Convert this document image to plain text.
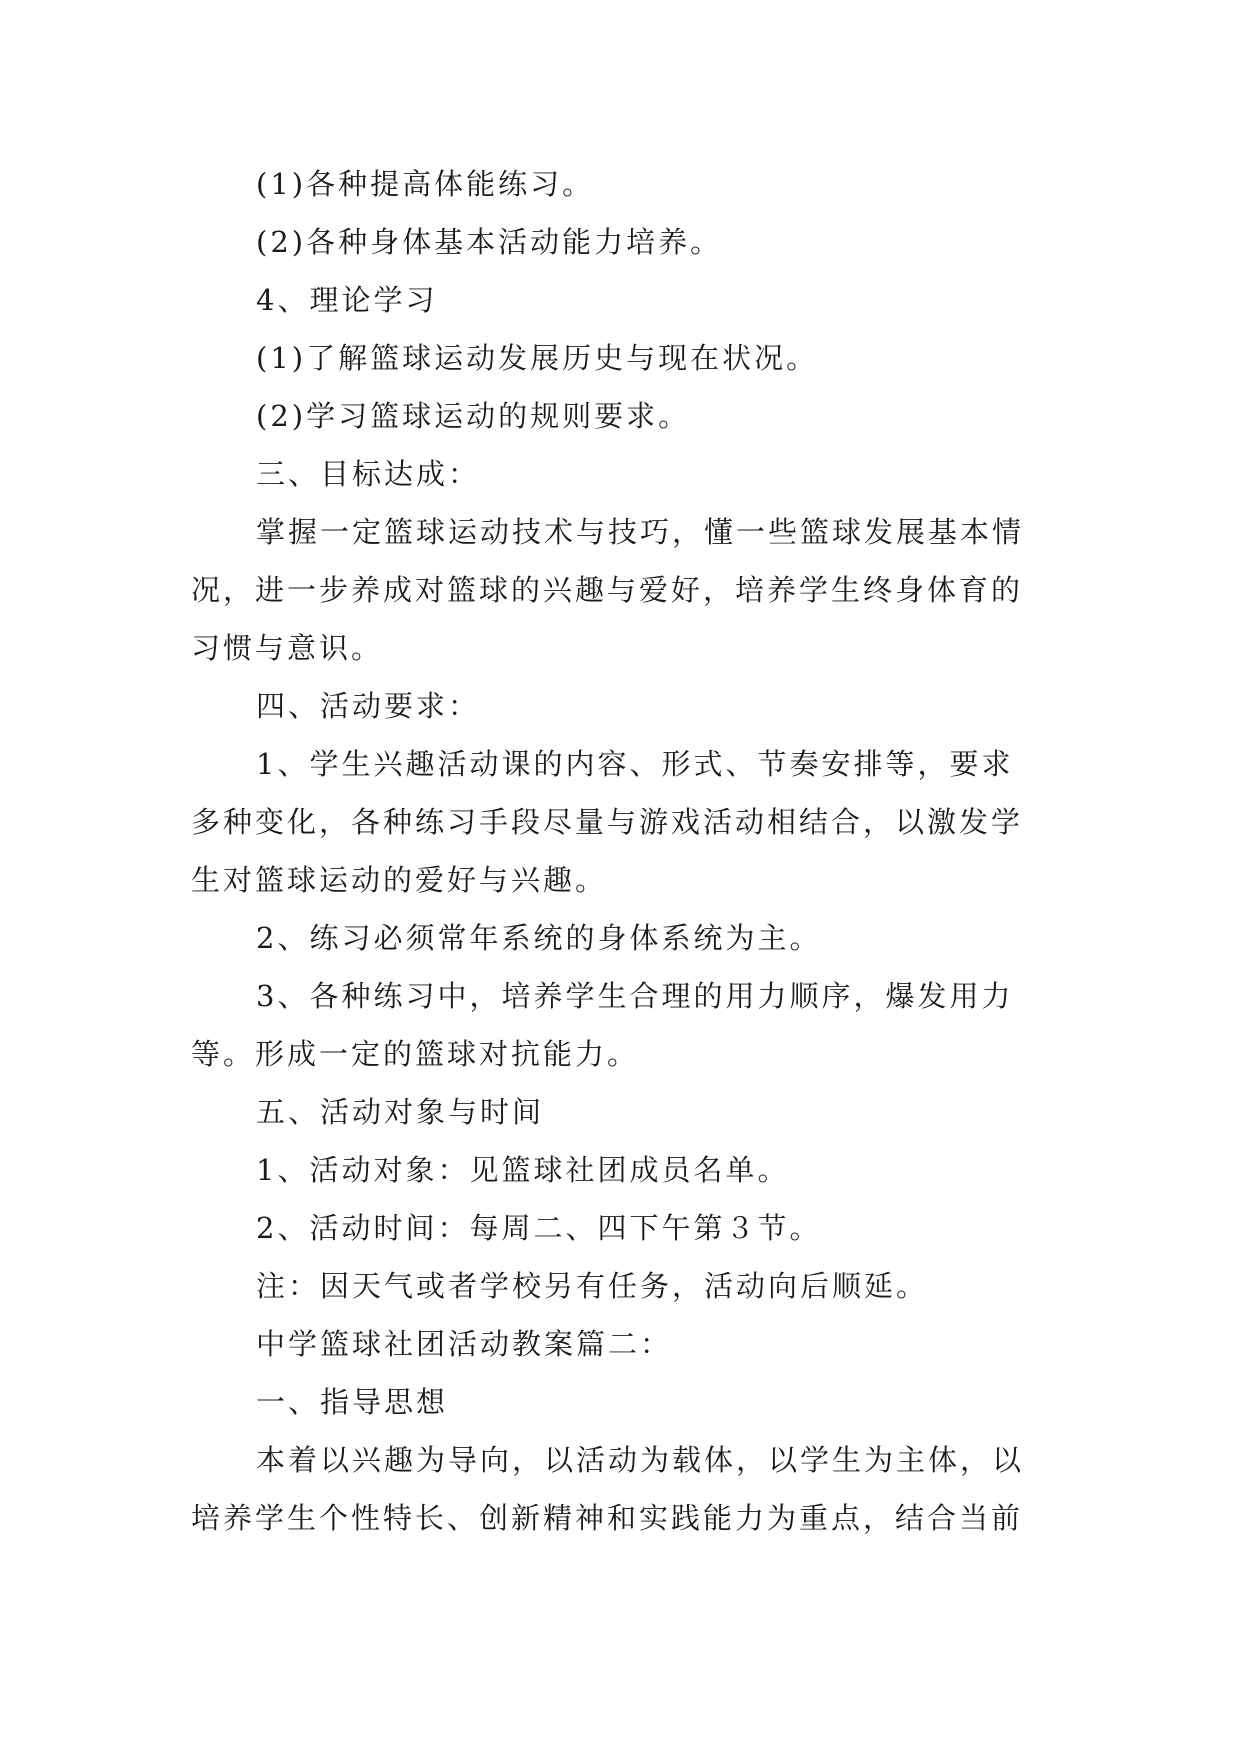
(1)各种提高体能练习。

(2)各种身体基本活动能力培养。

4、理论学习

(1)了解篮球运动发展历史与现在状况。

(2)学习篮球运动的规则要求。

三、目标达成：

掌握一定篮球运动技术与技巧，懂一些篮球发展基本情

况，进一步养成对篮球的兴趣与爱好，培养学生终身体育的

习惯与意识。

四、活动要求：

1、学生兴趣活动课的内容、形式、节奏安排等，要求

多种变化，各种练习手段尽量与游戏活动相结合，以激发学

生对篮球运动的爱好与兴趣。

2、练习必须常年系统的身体系统为主。

3、各种练习中，培养学生合理的用力顺序，爆发用力

等。形成一定的篮球对抗能力。

五、活动对象与时间

1、活动对象：见篮球社团成员名单。

2、活动时间：每周二、四下午第３节。

注：因天气或者学校另有任务，活动向后顺延。

中学篮球社团活动教案篇二：

一、指导思想

本着以兴趣为导向，以活动为载体，以学生为主体，以

培养学生个性特长、创新精神和实践能力为重点，结合当前
